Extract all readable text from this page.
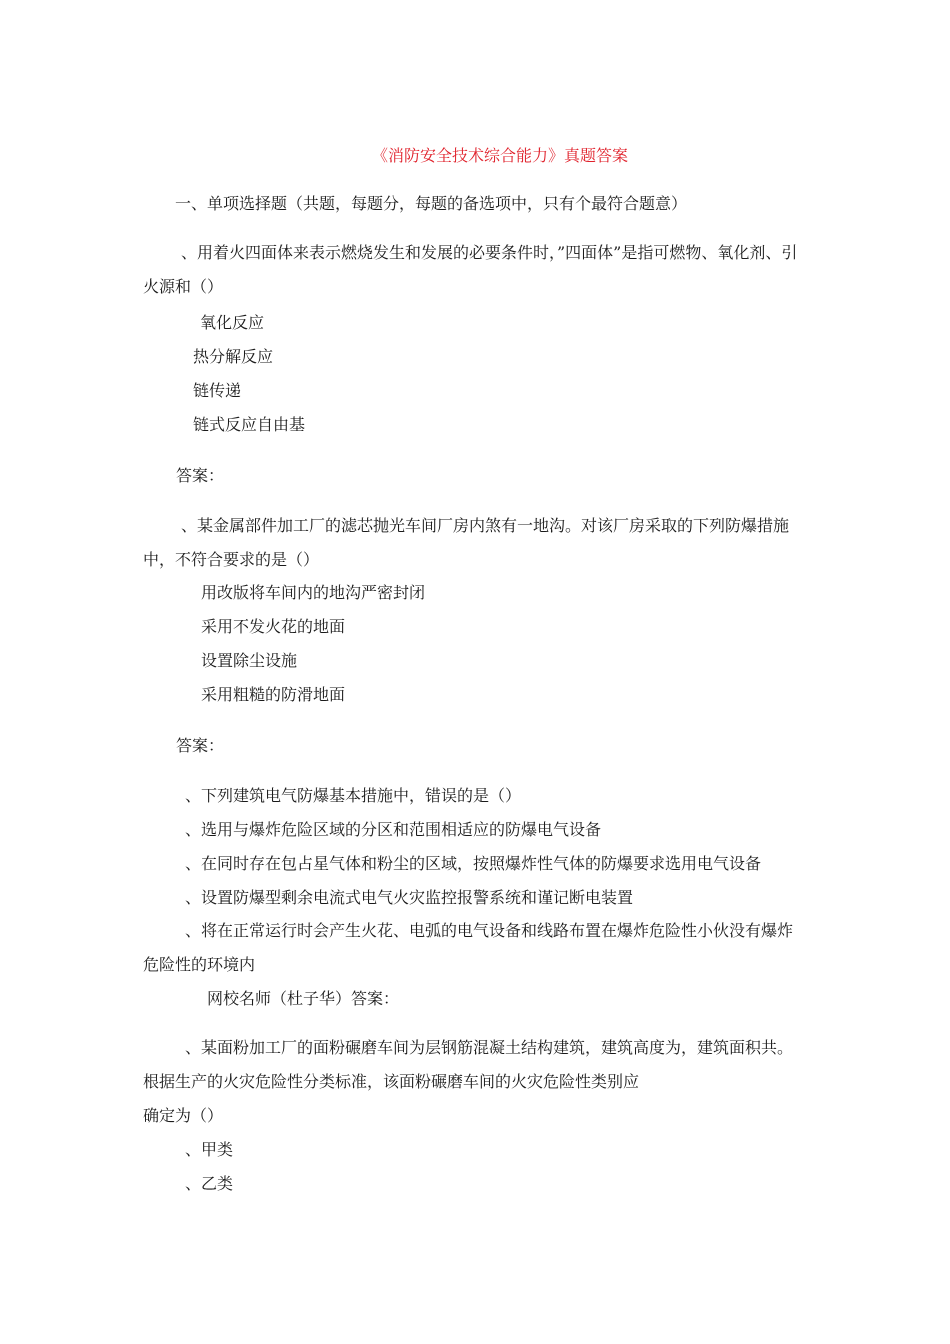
《消防安全技术综合能力》真题答案
一、单项选择题（共题，每题分，每题的备选项中，只有个最符合题意）
、用着火四面体来表示燃烧发生和发展的必要条件时，”四面体”是指可燃物、氧化剂、引火源和（）
氧化反应
热分解反应
链传递
链式反应自由基
答案：
、某金属部件加工厂的滤芯抛光车间厂房内煞有一地沟。对该厂房采取的下列防爆措施中，不符合要求的是（）
用改版将车间内的地沟严密封闭
采用不发火花的地面
设置除尘设施
采用粗糙的防滑地面
答案：
、下列建筑电气防爆基本措施中，错误的是（）
、选用与爆炸危险区域的分区和范围相适应的防爆电气设备
、在同时存在包占星气体和粉尘的区域，按照爆炸性气体的防爆要求选用电气设备
、设置防爆型剩余电流式电气火灾监控报警系统和谨记断电装置
、将在正常运行时会产生火花、电弧的电气设备和线路布置在爆炸危险性小伙没有爆炸危险性的环境内
网校名师（杜子华）答案：
、某面粉加工厂的面粉碾磨车间为层钢筋混凝土结构建筑，建筑高度为，建筑面积共。根据生产的火灾危险性分类标准，该面粉碾磨车间的火灾危险性类别应
确定为（）
、甲类
、乙类
